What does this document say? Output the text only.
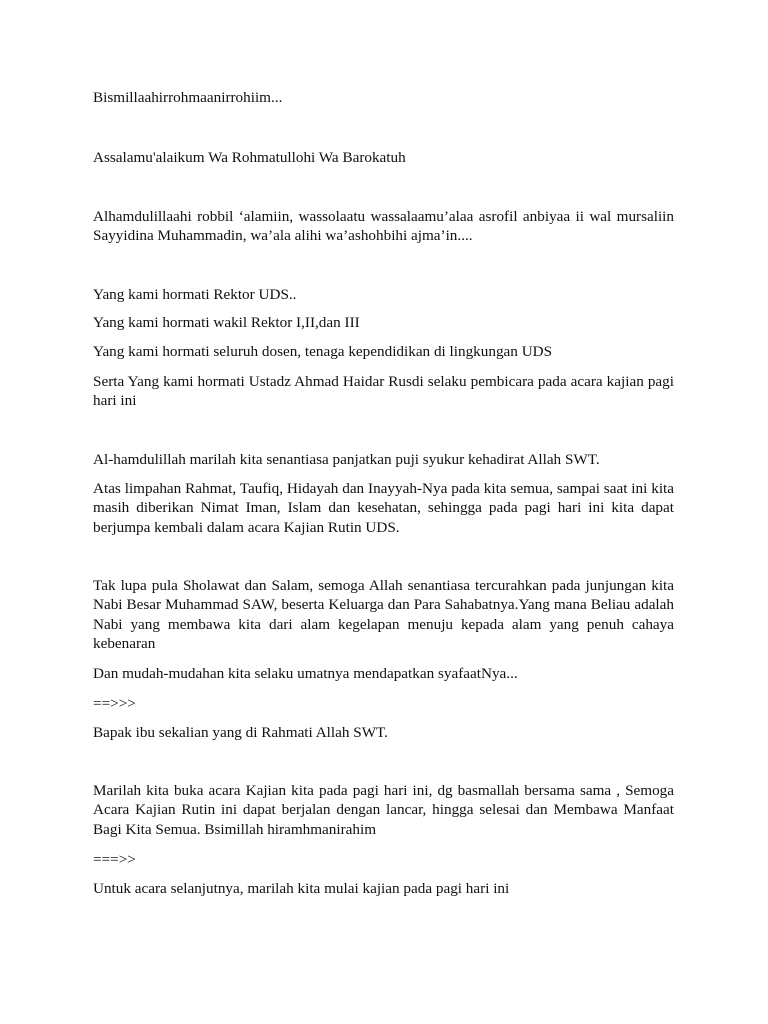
Bismillaahirrohmaanirrohiim...

Assalamu'alaikum Wa Rohmatullohi Wa Barokatuh

Alhamdulillaahi robbil ‘alamiin, wassolaatu wassalaamu’alaa asrofil anbiyaa ii wal mursaliin Sayyidina Muhammadin, wa’ala alihi wa’ashohbihi ajma’in....

Yang kami hormati Rektor UDS..

Yang kami hormati wakil Rektor I,II,dan III

Yang kami hormati seluruh dosen, tenaga kependidikan di lingkungan UDS

Serta Yang kami hormati Ustadz Ahmad Haidar Rusdi selaku pembicara pada acara kajian pagi hari ini

Al-hamdulillah marilah kita senantiasa panjatkan puji syukur kehadirat Allah SWT.

Atas limpahan Rahmat, Taufiq, Hidayah dan Inayyah-Nya pada kita semua, sampai saat ini kita masih diberikan Nimat Iman, Islam dan kesehatan, sehingga pada pagi hari ini kita dapat berjumpa kembali dalam acara Kajian Rutin UDS.

Tak lupa pula Sholawat dan Salam, semoga Allah senantiasa tercurahkan pada junjungan kita Nabi Besar Muhammad SAW, beserta Keluarga dan Para Sahabatnya.Yang mana Beliau adalah Nabi yang membawa kita dari alam kegelapan menuju kepada alam yang penuh cahaya kebenaran

Dan mudah-mudahan kita selaku umatnya mendapatkan syafaatNya...

==>>>

Bapak ibu sekalian yang di Rahmati Allah SWT.

Marilah kita buka acara Kajian kita pada pagi hari ini, dg basmallah bersama sama , Semoga Acara Kajian Rutin ini dapat berjalan dengan lancar, hingga selesai dan Membawa Manfaat Bagi Kita Semua. Bsimillah hiramhmanirahim

===>>

Untuk acara selanjutnya, marilah kita mulai kajian pada pagi hari ini
